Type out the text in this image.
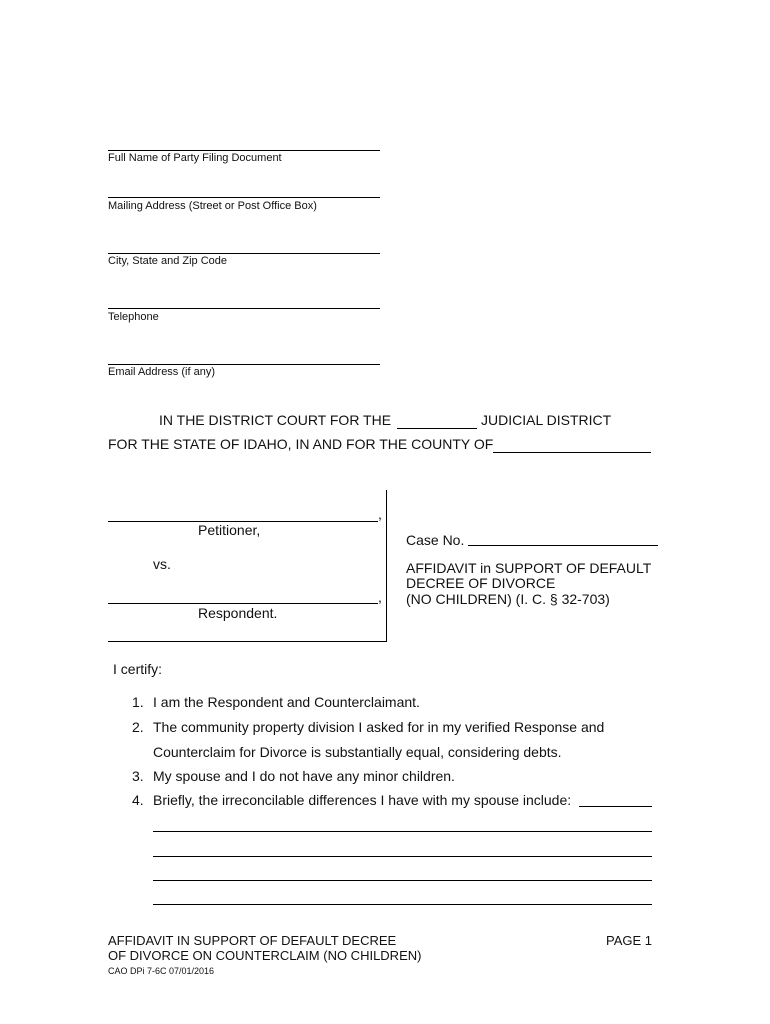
Full Name of Party Filing Document
Mailing Address (Street or Post Office Box)
City, State and Zip Code
Telephone
Email Address (if any)
IN THE DISTRICT COURT FOR THE	JUDICIAL DISTRICT
FOR THE STATE OF IDAHO, IN AND FOR THE COUNTY OF
,
Petitioner,
vs.
,
Respondent.
Case No.
AFFIDAVIT in SUPPORT OF DEFAULT
DECREE OF DIVORCE
(NO CHILDREN) (I. C. § 32-703)
I certify:
1. I am the Respondent and Counterclaimant.
2. The community property division I asked for in my verified Response and
Counterclaim for Divorce is substantially equal, considering debts.
3. My spouse and I do not have any minor children.
4. Briefly, the irreconcilable differences I have with my spouse include:
AFFIDAVIT IN SUPPORT OF DEFAULT DECREE
OF DIVORCE ON COUNTERCLAIM (NO CHILDREN)
PAGE 1
CAO DPi 7-6C 07/01/2016
